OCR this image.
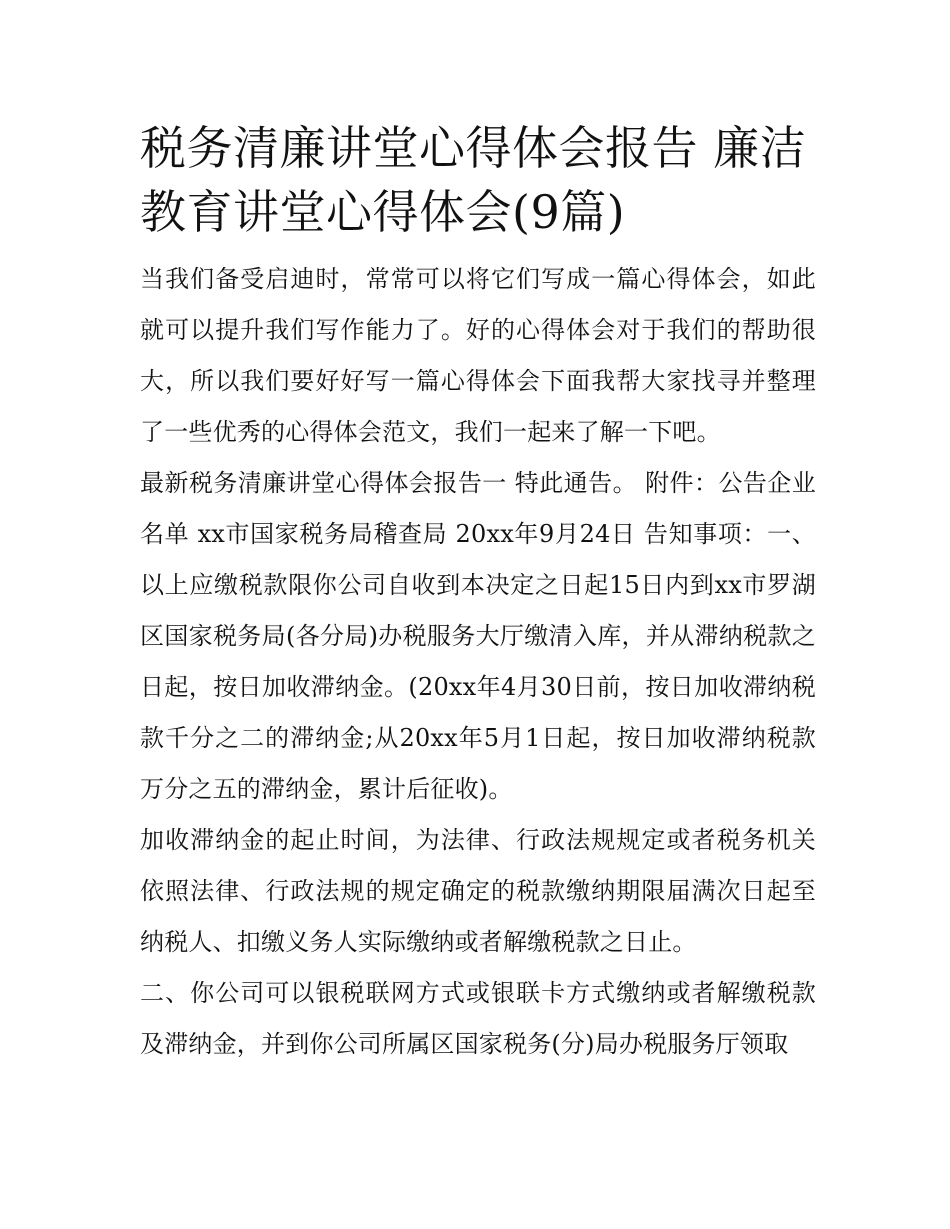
税务清廉讲堂心得体会报告 廉洁教育讲堂心得体会(9篇)

当我们备受启迪时，常常可以将它们写成一篇心得体会，如此就可以提升我们写作能力了。好的心得体会对于我们的帮助很大，所以我们要好好写一篇心得体会下面我帮大家找寻并整理了一些优秀的心得体会范文，我们一起来了解一下吧。

最新税务清廉讲堂心得体会报告一 特此通告。 附件：公告企业名单 xx市国家税务局稽查局 20xx年9月24日 告知事项：一、以上应缴税款限你公司自收到本决定之日起15日内到xx市罗湖区国家税务局(各分局)办税服务大厅缴清入库，并从滞纳税款之日起，按日加收滞纳金。(20xx年4月30日前，按日加收滞纳税款千分之二的滞纳金;从20xx年5月1日起，按日加收滞纳税款万分之五的滞纳金，累计后征收)。

加收滞纳金的起止时间，为法律、行政法规规定或者税务机关依照法律、行政法规的规定确定的税款缴纳期限届满次日起至纳税人、扣缴义务人实际缴纳或者解缴税款之日止。

二、你公司可以银税联网方式或银联卡方式缴纳或者解缴税款及滞纳金，并到你公司所属区国家税务(分)局办税服务厅领取
